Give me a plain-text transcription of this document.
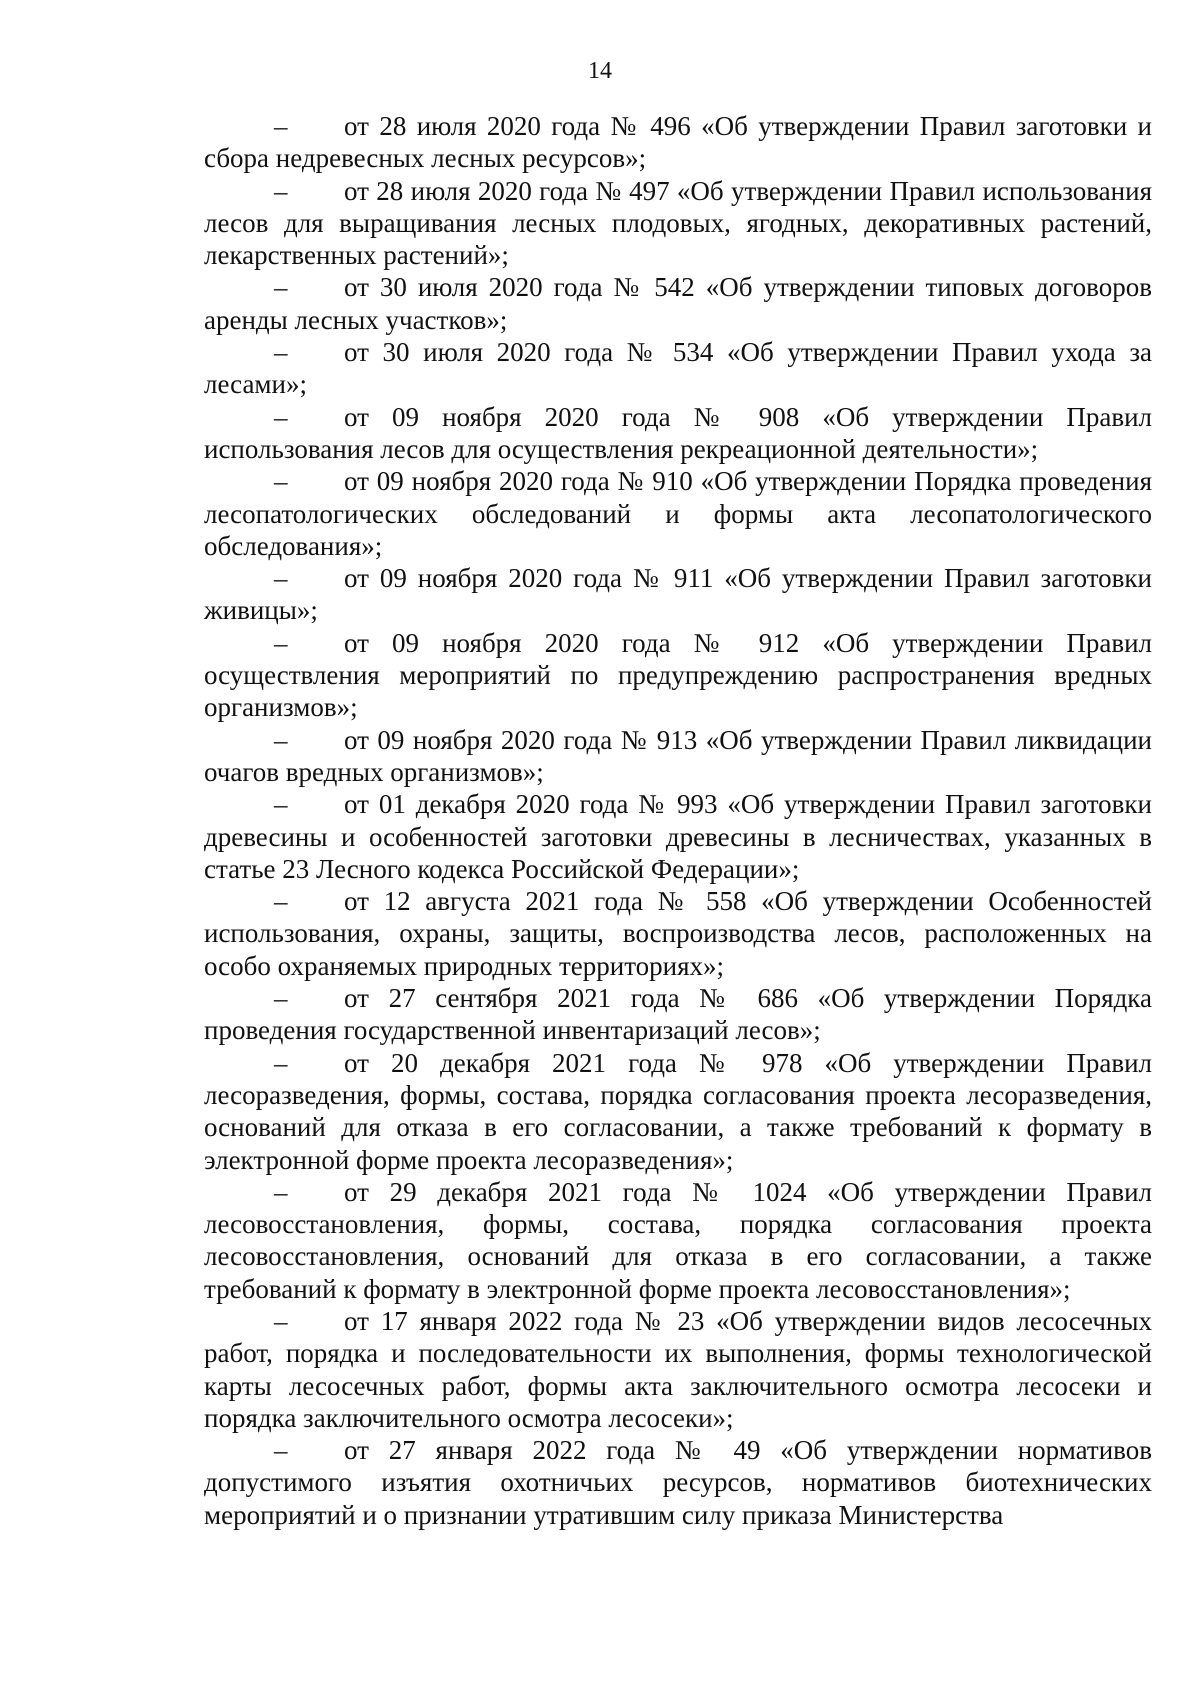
14

– от 28 июля 2020 года № 496 «Об утверждении Правил заготовки и сбора недревесных лесных ресурсов»;

– от 28 июля 2020 года № 497 «Об утверждении Правил использования лесов для выращивания лесных плодовых, ягодных, декоративных растений, лекарственных растений»;

– от 30 июля 2020 года № 542 «Об утверждении типовых договоров аренды лесных участков»;

– от 30 июля 2020 года № 534 «Об утверждении Правил ухода за лесами»;

– от 09 ноября 2020 года № 908 «Об утверждении Правил использования лесов для осуществления рекреационной деятельности»;

– от 09 ноября 2020 года № 910 «Об утверждении Порядка проведения лесопатологических обследований и формы акта лесопатологического обследования»;

– от 09 ноября 2020 года № 911 «Об утверждении Правил заготовки живицы»;

– от 09 ноября 2020 года № 912 «Об утверждении Правил осуществления мероприятий по предупреждению распространения вредных организмов»;

– от 09 ноября 2020 года № 913 «Об утверждении Правил ликвидации очагов вредных организмов»;

– от 01 декабря 2020 года № 993 «Об утверждении Правил заготовки древесины и особенностей заготовки древесины в лесничествах, указанных в статье 23 Лесного кодекса Российской Федерации»;

– от 12 августа 2021 года № 558 «Об утверждении Особенностей использования, охраны, защиты, воспроизводства лесов, расположенных на особо охраняемых природных территориях»;

– от 27 сентября 2021 года № 686 «Об утверждении Порядка проведения государственной инвентаризаций лесов»;

– от 20 декабря 2021 года № 978 «Об утверждении Правил лесоразведения, формы, состава, порядка согласования проекта лесоразведения, оснований для отказа в его согласовании, а также требований к формату в электронной форме проекта лесоразведения»;

– от 29 декабря 2021 года № 1024 «Об утверждении Правил лесовосстановления, формы, состава, порядка согласования проекта лесовосстановления, оснований для отказа в его согласовании, а также требований к формату в электронной форме проекта лесовосстановления»;

– от 17 января 2022 года № 23 «Об утверждении видов лесосечных работ, порядка и последовательности их выполнения, формы технологической карты лесосечных работ, формы акта заключительного осмотра лесосеки и порядка заключительного осмотра лесосеки»;

– от 27 января 2022 года № 49 «Об утверждении нормативов допустимого изъятия охотничьих ресурсов, нормативов биотехнических мероприятий и о признании утратившим силу приказа Министерства
